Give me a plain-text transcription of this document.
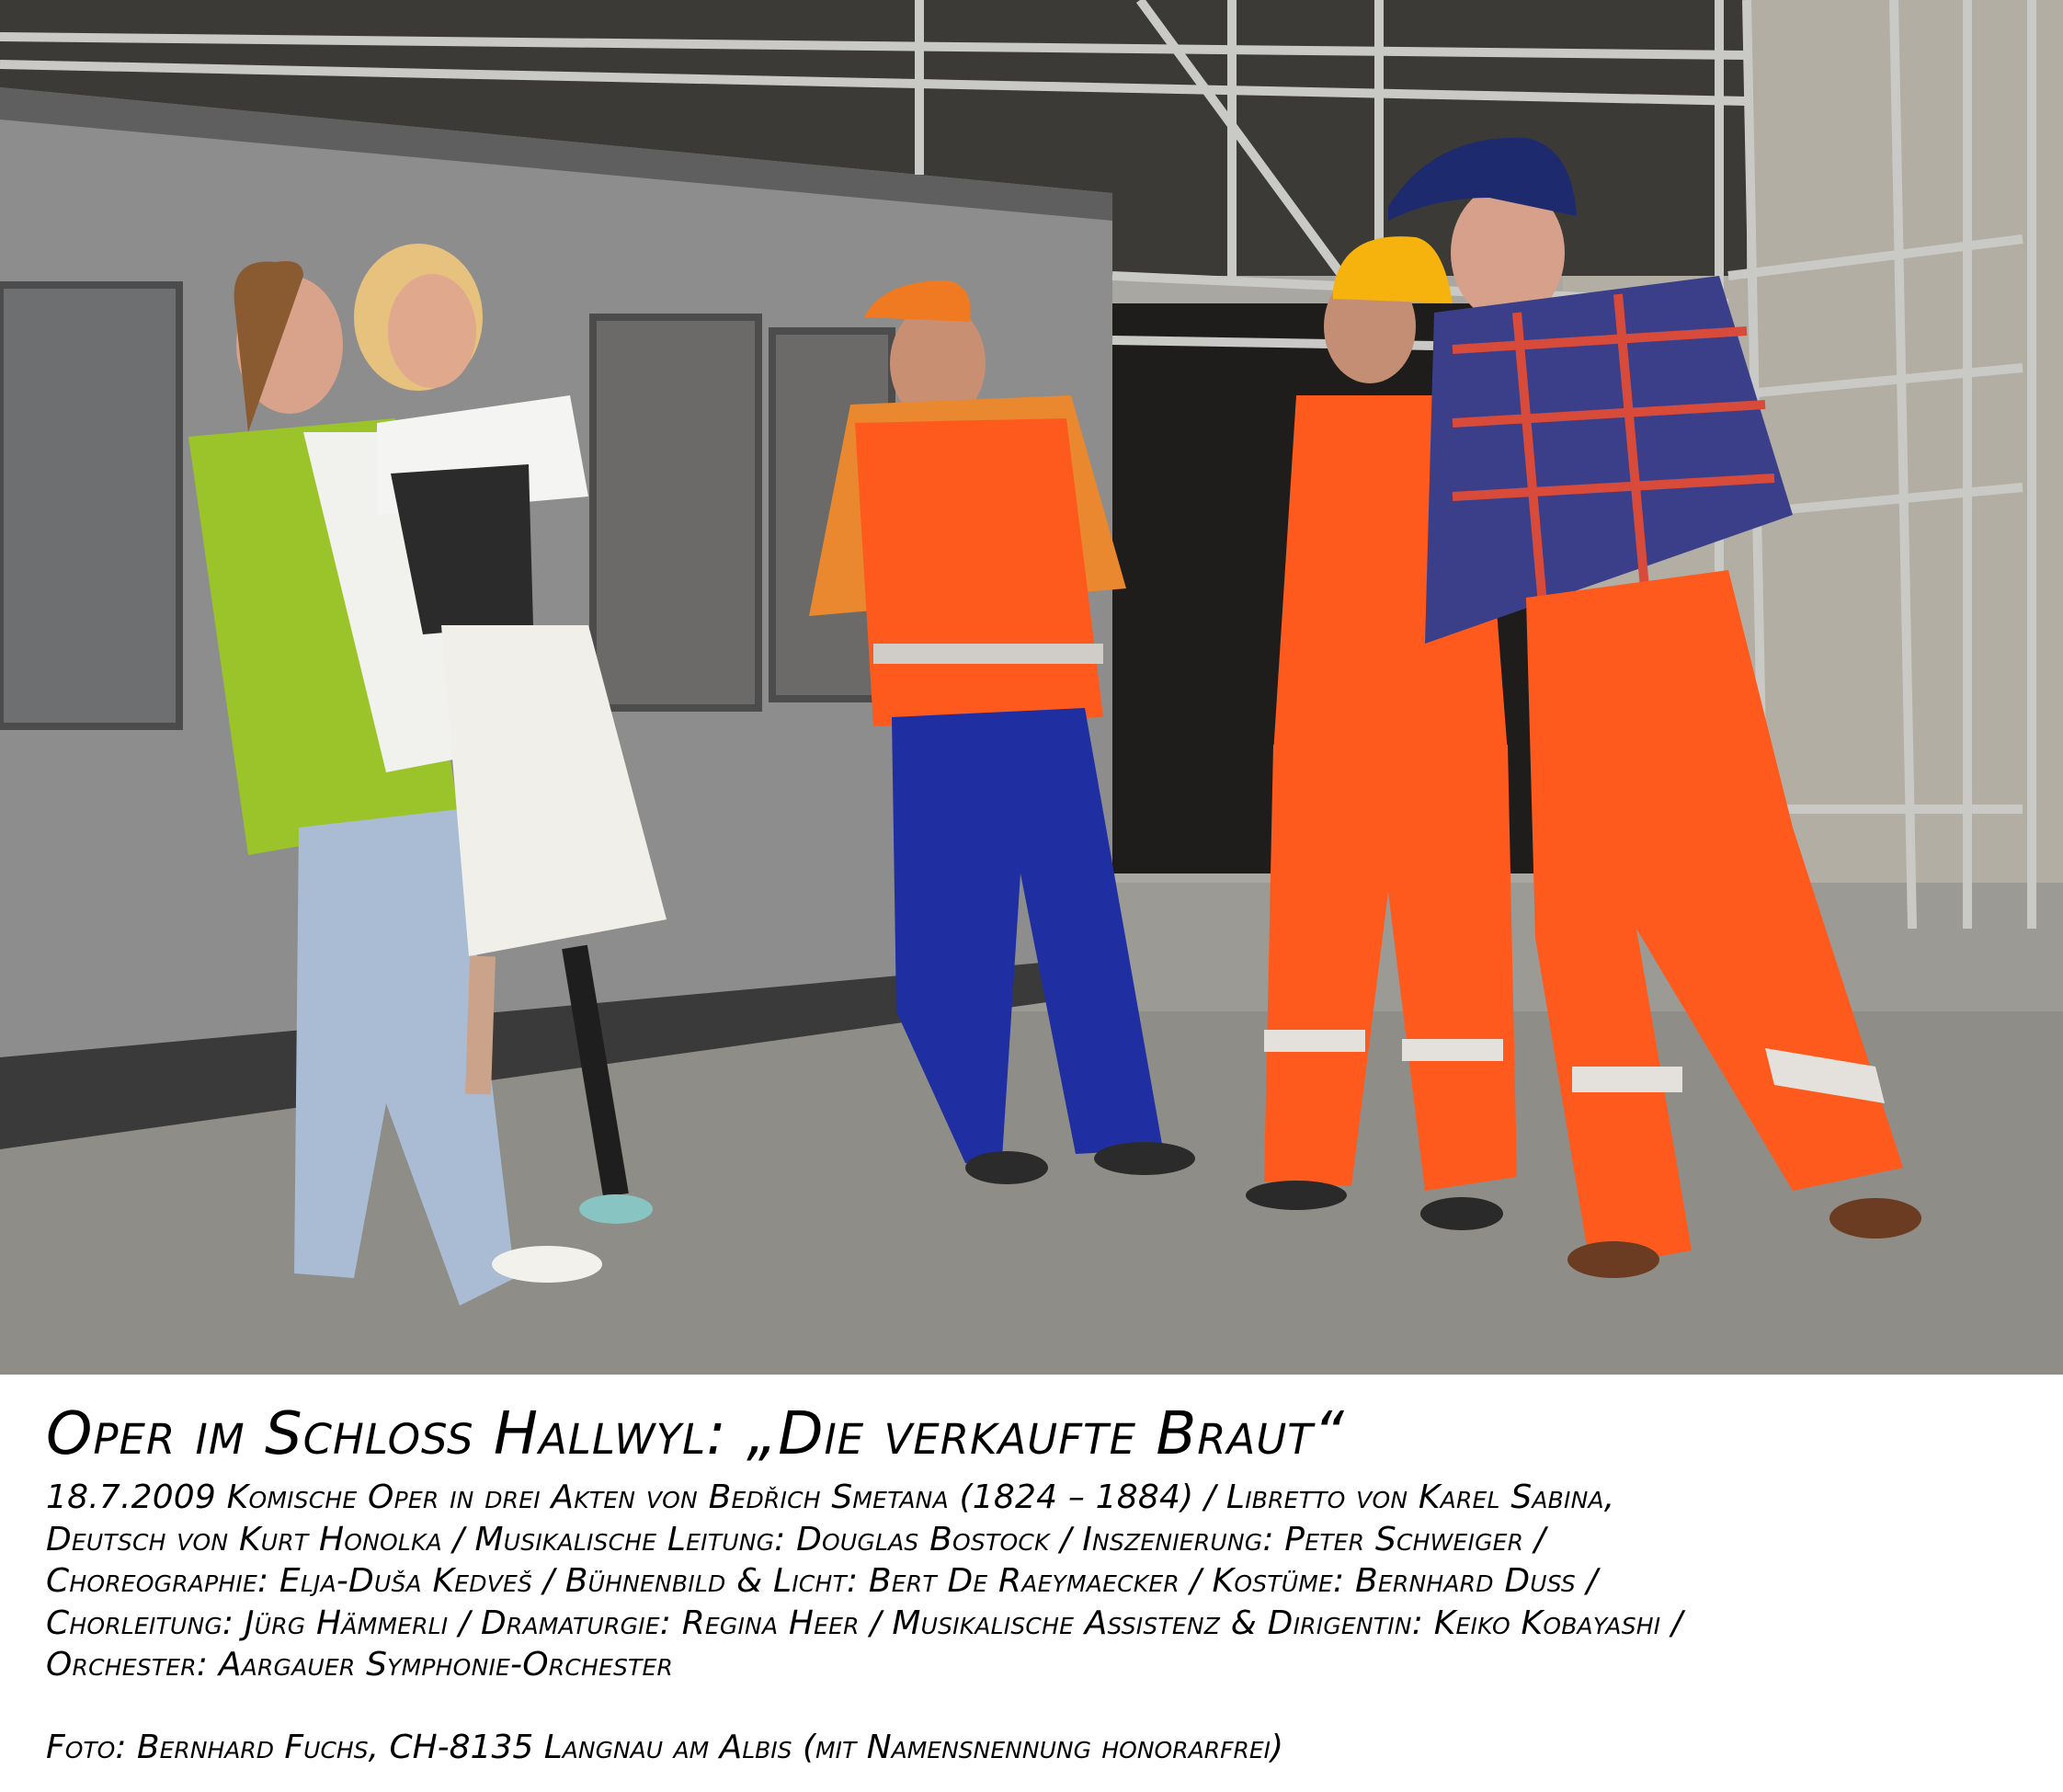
Oper im Schloss Hallwyl: „Die verkaufte Braut“
18.7.2009 Komische Oper in drei Akten von Bedřich Smetana (1824 – 1884) / Libretto von Karel Sabina,
Deutsch von Kurt Honolka / Musikalische Leitung: Douglas Bostock / Inszenierung: Peter Schweiger /
Choreographie: Elja-Duša Kedveš / Bühnenbild & Licht: Bert De Raeymaecker / Kostüme: Bernhard Duss /
Chorleitung: Jürg Hämmerli / Dramaturgie: Regina Heer / Musikalische Assistenz & Dirigentin: Keiko Kobayashi /
Orchester: Aargauer Symphonie-Orchester
Foto: Bernhard Fuchs, CH-8135 Langnau am Albis (mit Namensnennung honorarfrei)
